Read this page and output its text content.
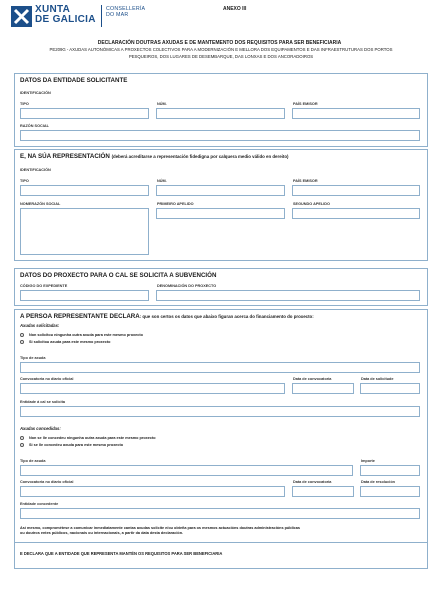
XUNTA
DE GALICIA
CONSELLERÍA
DO MAR
ANEXO III
DECLARACIÓN DOUTRAS AXUDAS E DE MANTEMENTO DOS REQUISITOS PARA SER BENEFICIARIA
PE209G - AXUDAS AUTONÓMICAS A PROXECTOS COLECTIVOS PARA A MODERNIZACIÓN E MELLORA DOS EQUIPAMENTOS E DAS INFRAESTRUTURAS DOS PORTOS
PESQUEIROS, DOS LUGARES DE DESEMBARQUE, DAS LONXAS E DOS ANCORADOIROS
DATOS DA ENTIDADE SOLICITANTE
IDENTIFICACIÓN
TIPO	NÚM.	PAÍS EMISOR
RAZÓN SOCIAL
E, NA SÚA REPRESENTACIÓN (deberá acreditarse a representación fidedigna por calquera medio válido en dereito)
IDENTIFICACIÓN
TIPO	NÚM.	PAÍS EMISOR
NOMERAZÓN SOCIAL	PRIMEIRO APELIDO	SEGUNDO APELIDO
DATOS DO PROXECTO PARA O CAL SE SOLICITA A SUBVENCIÓN
CÓDIGO DO EXPEDIENTE	DENOMINACIÓN DO PROXECTO
A PERSOA REPRESENTANTE DECLARA: que son certos os datos que abaixo figuran acerca do financiamento do proxecto:
Axudas solicitadas:
Non solicitou ningunha outra axuda para este mesmo proxecto
Si solicitou axuda para este mesmo proxecto
Tipo de axuda
Convocatoria no diario oficial	Data de convocatoria	Data de solicitude
Entidade á cal se solicita
Axudas concedidas:
Non se lle concedeu ningunha outra axuda para este mesmo proxecto
Si se lle concedeu axuda para este mesmo proxecto
Tipo de axuda	Importe
Convocatoria no diario oficial	Data de convocatoria	Data de resolución
Entidade concedente
Así mesmo, comprométese a comunicar inmediatamente cantas axudas solicite e/ou obteña para os mesmos actuacións doutras administracións públicas
ou doutros entes públicos, nacionais ou internacionais, a partir da data desta declaración.
E DECLARA QUE A ENTIDADE QUE REPRESENTA MANTÉN OS REQUISITOS PARA SER BENEFICIARIA
